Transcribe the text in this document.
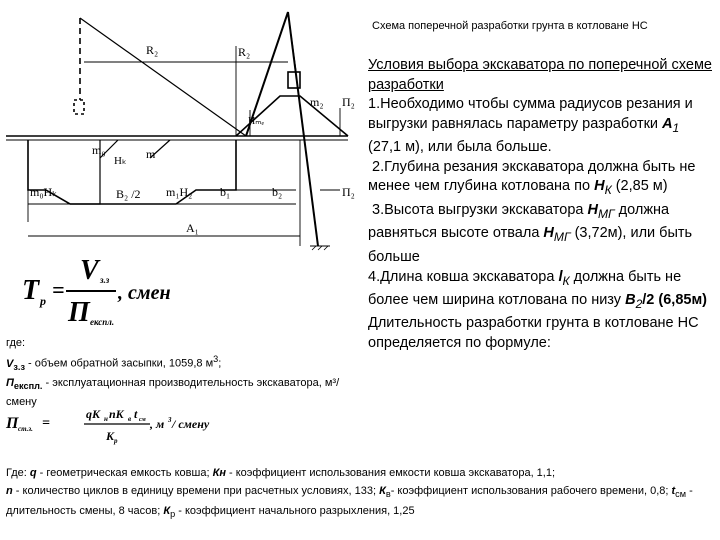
R₂	R₂
m₂ П₂
Hₘₑ
m₀
Hₖ m
m₀Hₖ	B₂ /2 m₁H₂ b₁	b₂	П₂
A₁
Схема поперечной разработки грунта в котловане НС

Условия выбора экскаватора по поперечной схеме разработки

1.Необходимо чтобы сумма радиусов резания и выгрузки равнялась параметру разработки $А_1$ (27,1 м), или была больше.

2.Глубина резания экскаватора должна быть не менее чем глубина котлована по $Н_К$ (2,85 м)

3.Высота выгрузки экскаватора $Н_{МГ}$ должна равняться высоте отвала $Н_{МГ}$ (3,72м), или быть больше

4.Длина ковша экскаватора $l_К$ должна быть не более чем ширина котлована по низу $В_2/2$ (6,85м)

Длительность разработки грунта в котловане НС определяется по формуле:

T p =
V з.з
П експл.
, смен
где:
$V_{з.з}$ - объем обратной засыпки, 1059,8 $м^3$;
$П_{експл.}$ - эксплуатационная производительность экскаватора, м³/смену
П ст.з. =
qK н nK в t см
K р
, м 3 / смену
Где: q - геометрическая емкость ковша; Кн - коэффициент использования емкости ковша экскаватора, 1,1;
n - количество циклов в единицу времени при расчетных условиях, 133; $К_в-$ коэффициент использования рабочего времени, 0,8; $t_{см}$ - длительность смены, 8 часов; $К_р$ - коэффициент начального разрыхления, 1,25
